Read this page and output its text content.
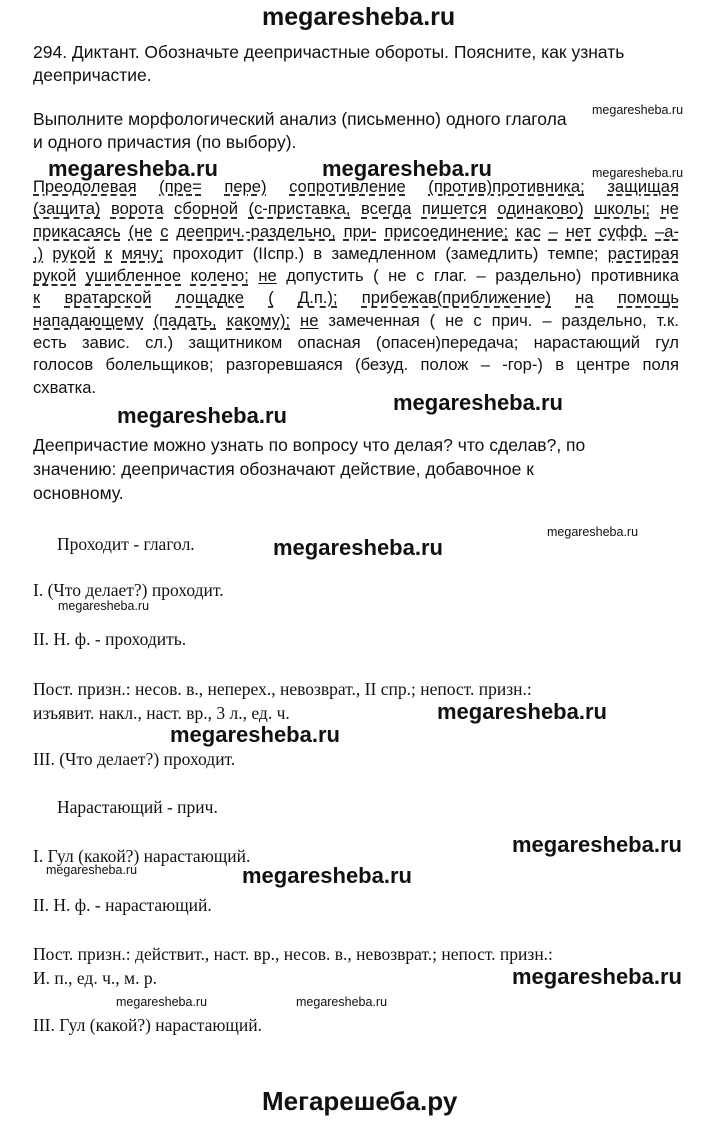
megaresheba.ru
294. Диктант. Обозначьте деепричастные обороты. Поясните, как узнать
деепричастие.
Выполните морфологический анализ (письменно) одного глагола
и одного причастия (по выбору).
megaresheba.ru
megaresheba.ru	megaresheba.ru	megaresheba.ru
Преодолевая (пре= пере) сопротивление (против)противника; защищая
(защита) ворота сборной (с-приставка, всегда пишется одинаково) школы; не
прикасаясь (не с дееприч.-раздельно, при- присоединение; кас – нет суфф. –а-
,) рукой к мячу; проходит (IIспр.) в замедленном (замедлить) темпе; растирая
рукой ушибленное колено; не допустить ( не с глаг. – раздельно) противника
к вратарской лощадке ( Д.п.); прибежав(приближение) на помощь
нападающему (падать, какому); не замеченная ( не с прич. – раздельно, т.к.
есть завис. сл.) защитником опасная (опасен)передача; нарастающий гул
голосов болельщиков; разгоревшаяся (безуд. полож – -гор-) в центре поля
схватка.
megaresheba.ru
megaresheba.ru
Деепричастие можно узнать по вопросу что делая? что сделав?, по
значению: деепричастия обозначают действие, добавочное к
основному.
megaresheba.ru
Проходит - глагол.	megaresheba.ru
I. (Что делает?) проходит.
megaresheba.ru
II. Н. ф. - проходить.
Пост. призн.: несов. в., неперех., невозврат., II спр.; непост. призн.:
изъявит. накл., наст. вр., 3 л., ед. ч.	megaresheba.ru
megaresheba.ru
III. (Что делает?) проходит.
Нарастающий - прич.
megaresheba.ru
I. Гул (какой?) нарастающий.
megaresheba.ru	megaresheba.ru
II. Н. ф. - нарастающий.
Пост. призн.: действит., наст. вр., несов. в., невозврат.; непост. призн.:
И. п., ед. ч., м. р.	megaresheba.ru
megaresheba.ru	megaresheba.ru
III. Гул (какой?) нарастающий.
Мегарешеба.ру
